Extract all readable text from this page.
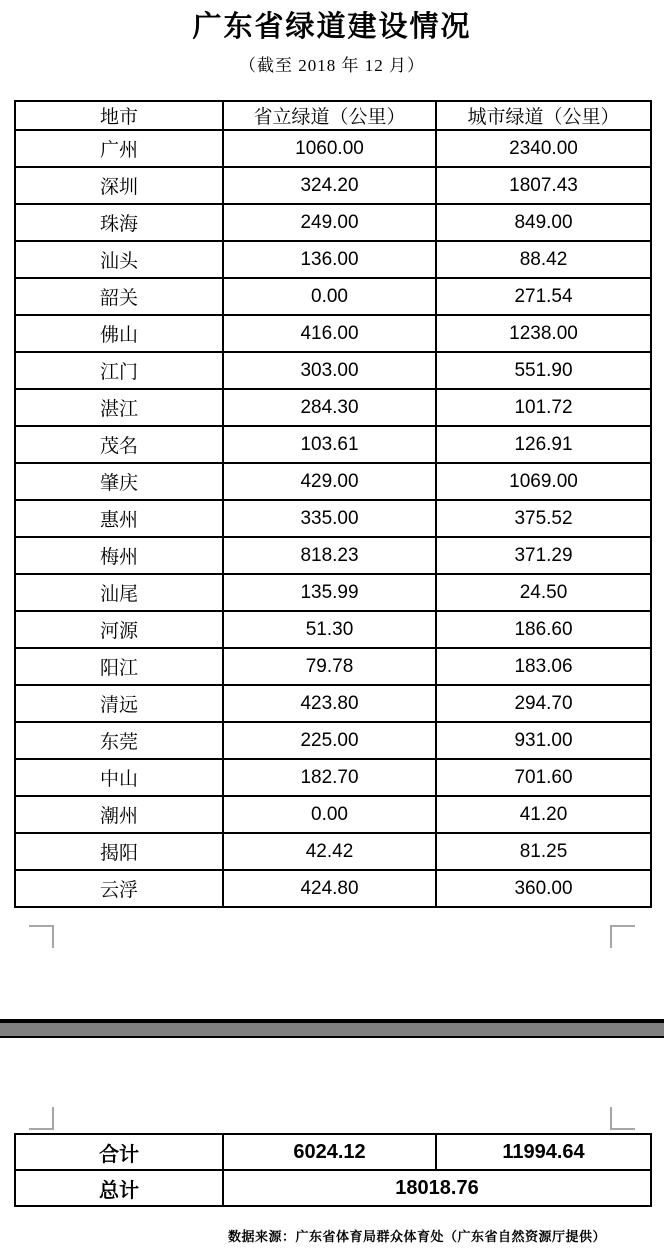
广东省绿道建设情况
（截至 2018 年 12 月）
地市	省立绿道（公里）	城市绿道（公里）
广州	1060.00	2340.00
深圳	324.20	1807.43
珠海	249.00	849.00
汕头	136.00	88.42
韶关	0.00	271.54
佛山	416.00	1238.00
江门	303.00	551.90
湛江	284.30	101.72
茂名	103.61	126.91
肇庆	429.00	1069.00
惠州	335.00	375.52
梅州	818.23	371.29
汕尾	135.99	24.50
河源	51.30	186.60
阳江	79.78	183.06
清远	423.80	294.70
东莞	225.00	931.00
中山	182.70	701.60
潮州	0.00	41.20
揭阳	42.42	81.25
云浮	424.80	360.00
合计	6024.12	11994.64
总计	18018.76	
数据来源：广东省体育局群众体育处（广东省自然资源厅提供）
